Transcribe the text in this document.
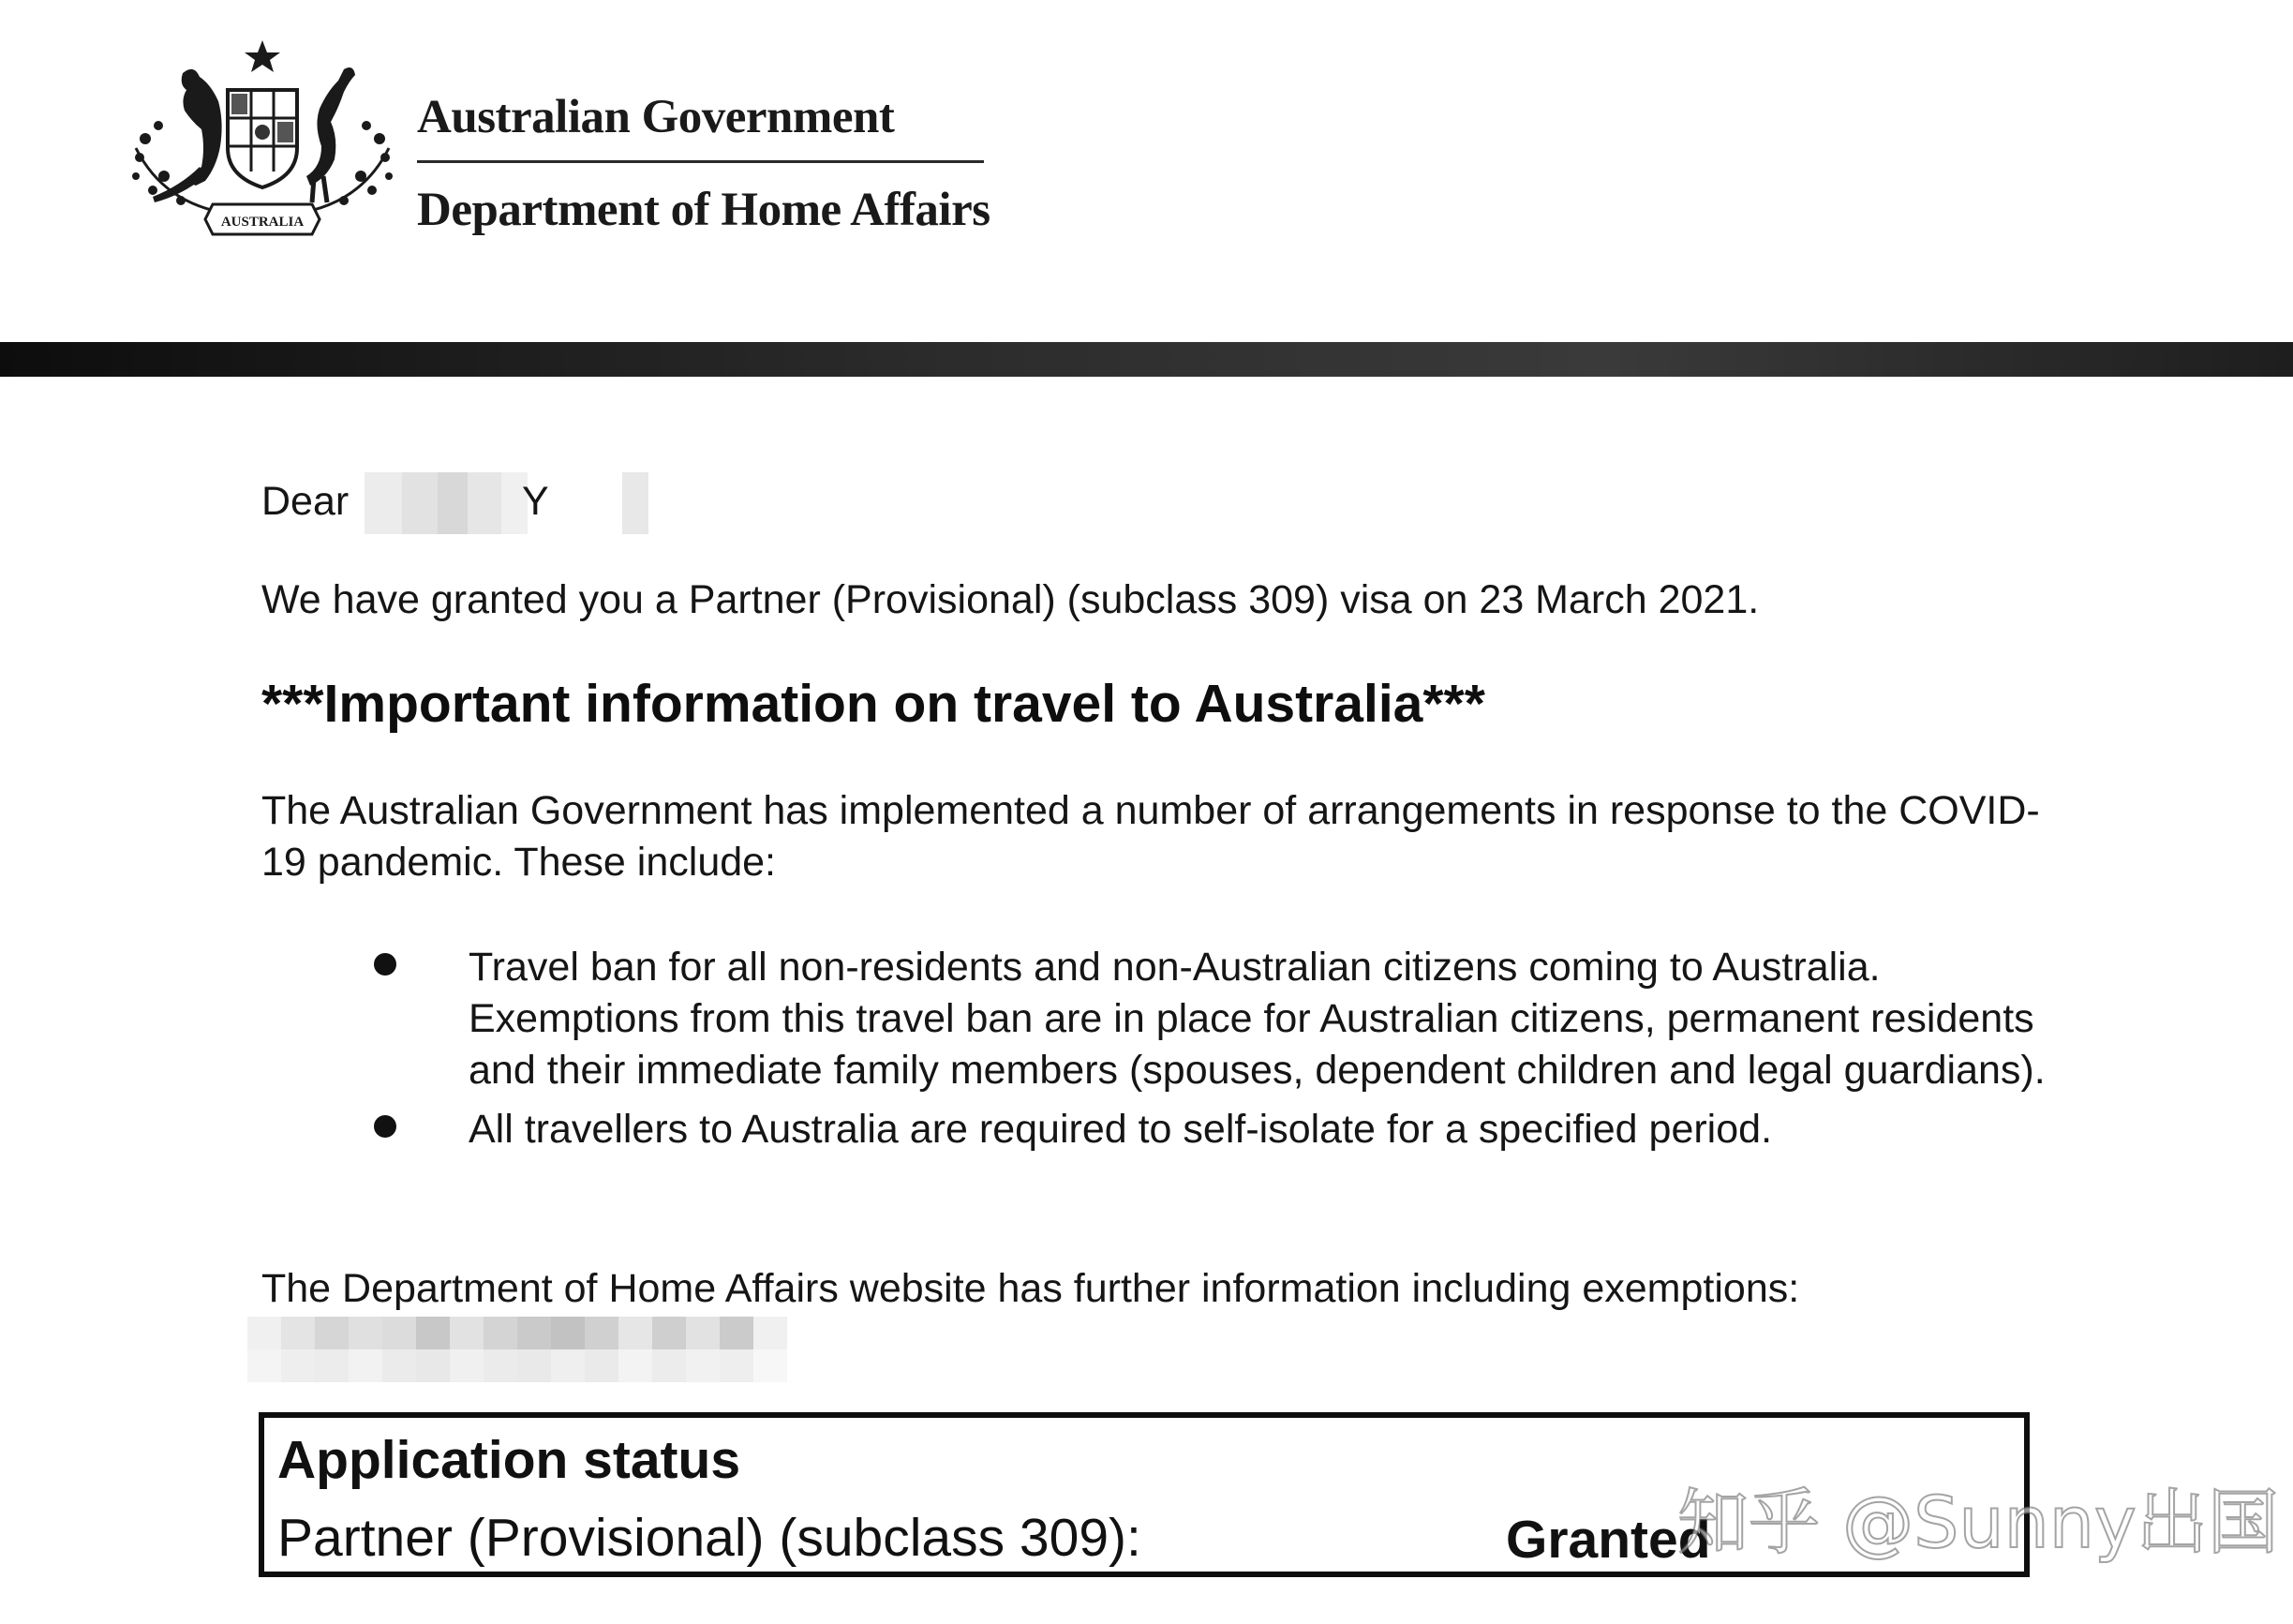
AUSTRALIA
Australian Government
Department of Home Affairs
Dear	Y
We have granted you a Partner (Provisional) (subclass 309) visa on 23 March 2021.
***Important information on travel to Australia***
The Australian Government has implemented a number of arrangements in response to the COVID-19 pandemic. These include:
Travel ban for all non-residents and non-Australian citizens coming to Australia. Exemptions from this travel ban are in place for Australian citizens, permanent residents and their immediate family members (spouses, dependent children and legal guardians).
All travellers to Australia are required to self-isolate for a specified period.
The Department of Home Affairs website has further information including exemptions:
Application status
Partner (Provisional) (subclass 309):	Granted
知乎 @Sunny出国
